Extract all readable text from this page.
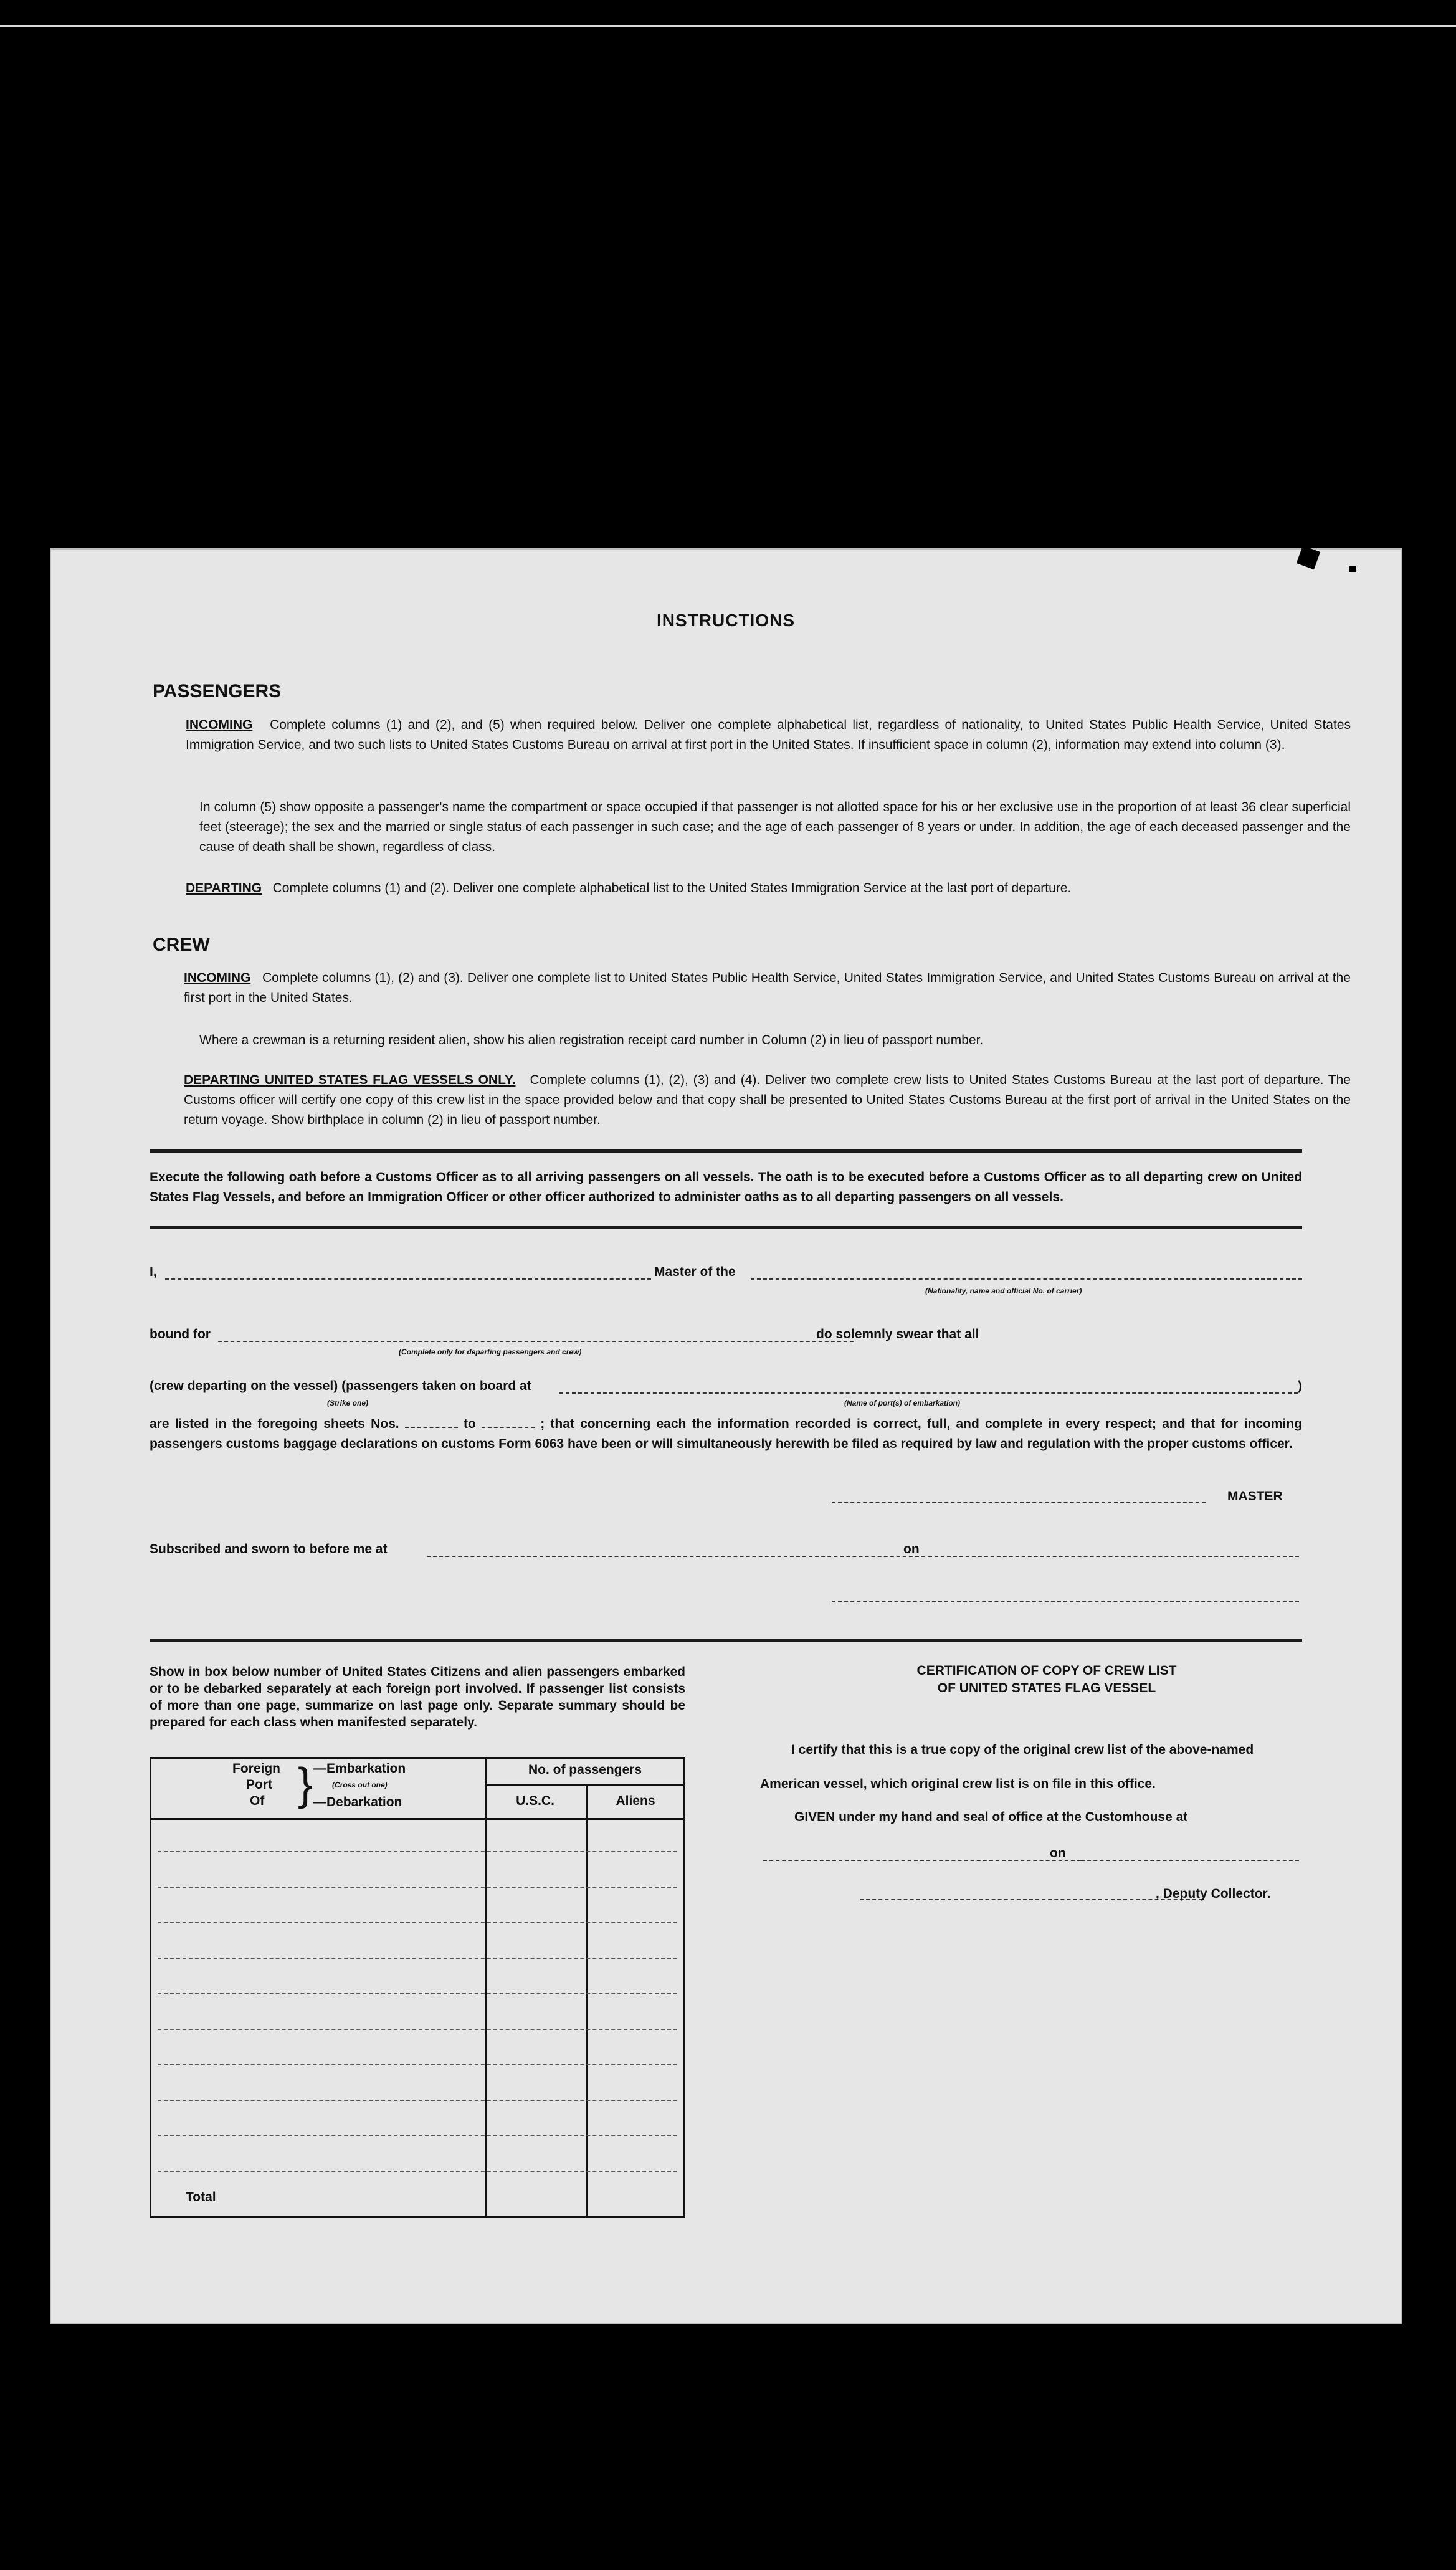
INSTRUCTIONS
PASSENGERS
INCOMING Complete columns (1) and (2), and (5) when required below. Deliver one complete alphabetical list, regardless of nationality, to United States Public Health Service, United States Immigration Service, and two such lists to United States Customs Bureau on arrival at first port in the United States. If insufficient space in column (2), information may extend into column (3).
In column (5) show opposite a passenger's name the compartment or space occupied if that passenger is not allotted space for his or her exclusive use in the proportion of at least 36 clear superficial feet (steerage); the sex and the married or single status of each passenger in such case; and the age of each passenger of 8 years or under. In addition, the age of each deceased passenger and the cause of death shall be shown, regardless of class.
DEPARTING Complete columns (1) and (2). Deliver one complete alphabetical list to the United States Immigration Service at the last port of departure.
CREW
INCOMING Complete columns (1), (2) and (3). Deliver one complete list to United States Public Health Service, United States Immigration Service, and United States Customs Bureau on arrival at the first port in the United States.
Where a crewman is a returning resident alien, show his alien registration receipt card number in Column (2) in lieu of passport number.
DEPARTING UNITED STATES FLAG VESSELS ONLY. Complete columns (1), (2), (3) and (4). Deliver two complete crew lists to United States Customs Bureau at the last port of departure. The Customs officer will certify one copy of this crew list in the space provided below and that copy shall be presented to United States Customs Bureau at the first port of arrival in the United States on the return voyage. Show birthplace in column (2) in lieu of passport number.
Execute the following oath before a Customs Officer as to all arriving passengers on all vessels. The oath is to be executed before a Customs Officer as to all departing crew on United States Flag Vessels, and before an Immigration Officer or other officer authorized to administer oaths as to all departing passengers on all vessels.
I,	Master of the
(Nationality, name and official No. of carrier)
bound for
(Complete only for departing passengers and crew)
do solemnly swear that all
(crew departing on the vessel) (passengers taken on board at	)
(Strike one)	(Name of port(s) of embarkation)
are listed in the foregoing sheets Nos.	to	; that concerning each the information recorded is correct, full, and complete in every respect; and that for incoming passengers customs baggage declarations on customs Form 6063 have been or will simultaneously herewith be filed as required by law and regulation with the proper customs officer.
MASTER
Subscribed and sworn to before me at	on
Show in box below number of United States Citizens and alien passengers embarked or to be debarked separately at each foreign port involved. If passenger list consists of more than one page, summarize on last page only. Separate summary should be prepared for each class when manifested separately.
Foreign
Port
Of } —Embarkation
(Cross out one)
—Debarkation
No. of passengers
U.S.C.	Aliens
Total
CERTIFICATION OF COPY OF CREW LIST
OF UNITED STATES FLAG VESSEL
I certify that this is a true copy of the original crew list of the above-named
American vessel, which original crew list is on file in this office.
GIVEN under my hand and seal of office at the Customhouse at
on
, Deputy Collector.
